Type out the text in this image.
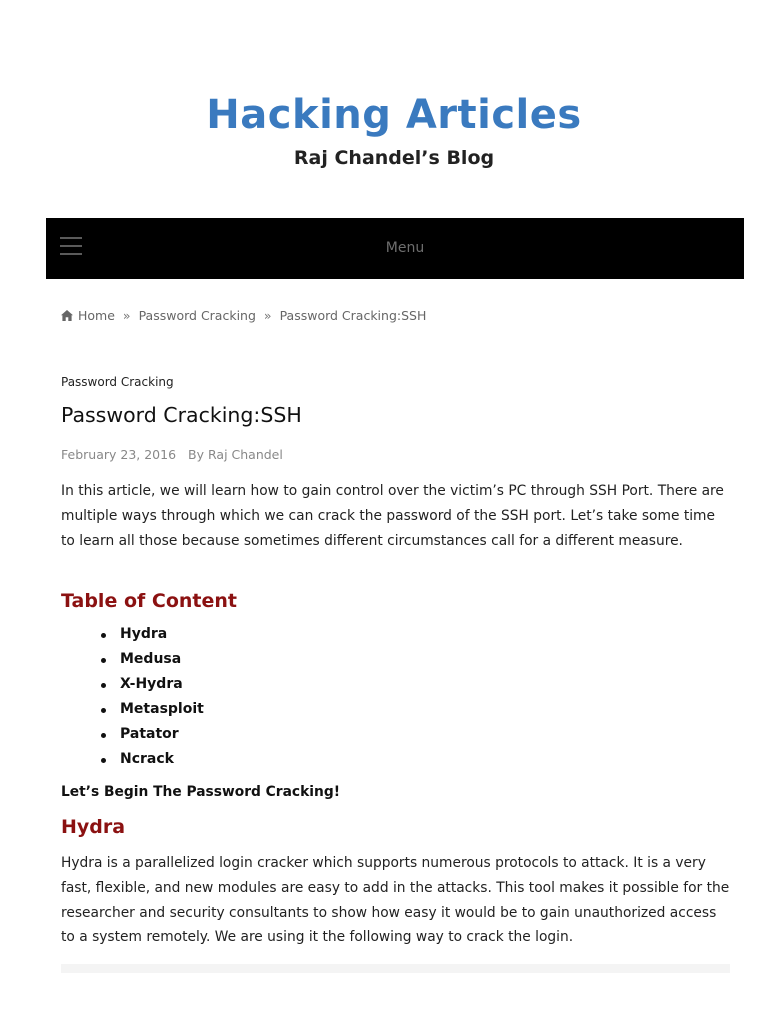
Hacking Articles
Raj Chandel’s Blog
Menu
Home » Password Cracking » Password Cracking:SSH
Password Cracking
Password Cracking:SSH
February 23, 2016 By Raj Chandel

In this article, we will learn how to gain control over the victim’s PC through SSH Port. There are multiple ways through which we can crack the password of the SSH port. Let’s take some time to learn all those because sometimes different circumstances call for a different measure.

Table of Content
Hydra
Medusa
X-Hydra
Metasploit
Patator
Ncrack

Let’s Begin The Password Cracking!

Hydra

Hydra is a parallelized login cracker which supports numerous protocols to attack. It is a very fast, flexible, and new modules are easy to add in the attacks. This tool makes it possible for the researcher and security consultants to show how easy it would be to gain unauthorized access to a system remotely. We are using it the following way to crack the login.
